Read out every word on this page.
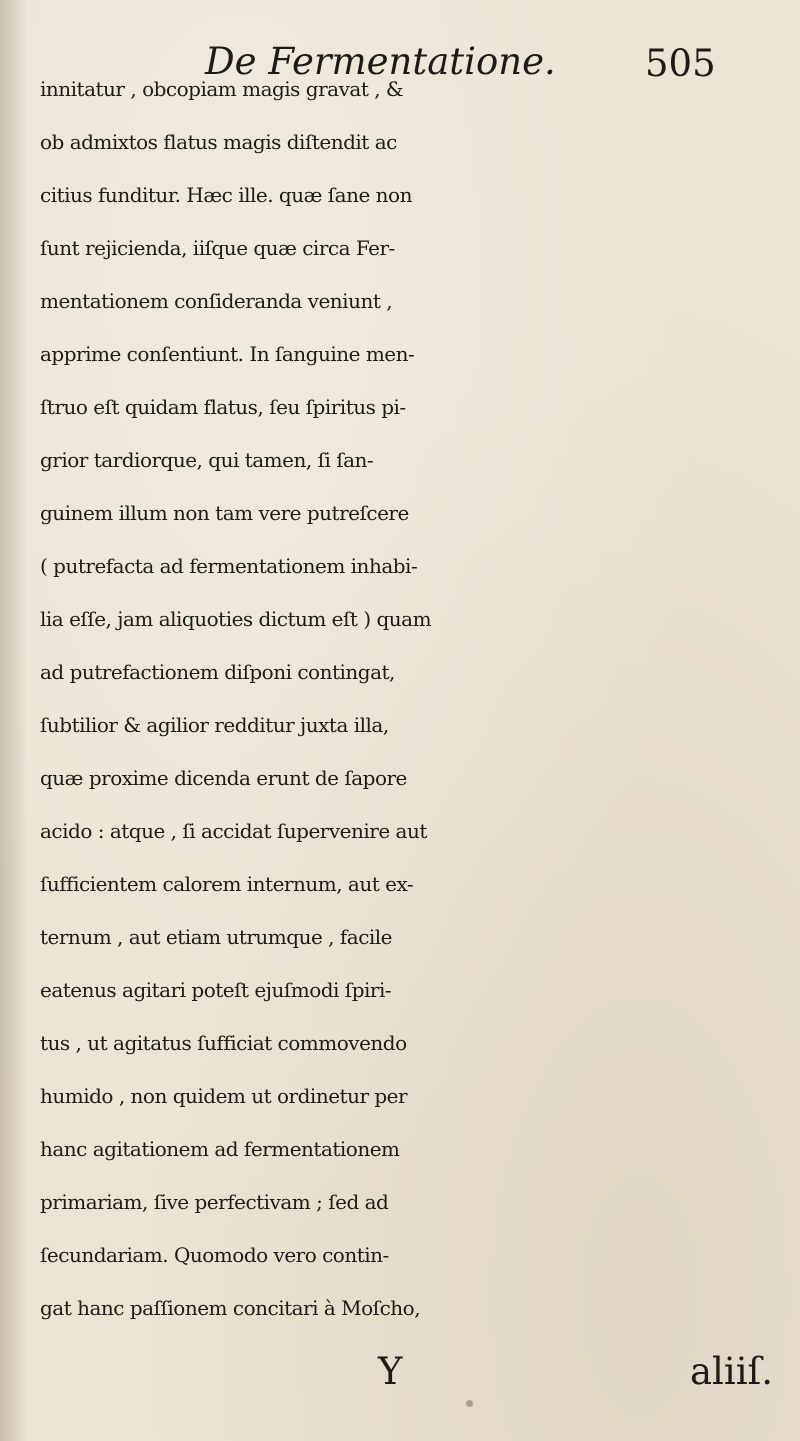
De Fermentatione. 505
innitatur , obcopiam magis gravat , &
ob admixtos flatus magis diſtendit ac
citius funditur. Hæc ille. quæ ſane non
ſunt rejicienda, iiſque quæ circa Fer-
mentationem conſideranda veniunt ,
apprime conſentiunt. In ſanguine men-
ſtruo eſt quidam flatus, ſeu ſpiritus pi-
grior tardiorque, qui tamen, ſi ſan-
guinem illum non tam vere putreſcere
( putrefacta ad fermentationem inhabi-
lia eſſe, jam aliquoties dictum eſt ) quam
ad putrefactionem diſponi contingat,
ſubtilior & agilior redditur juxta illa,
quæ proxime dicenda erunt de ſapore
acido : atque , ſi accidat ſupervenire aut
ſufficientem calorem internum, aut ex-
ternum , aut etiam utrumque , facile
eatenus agitari poteſt ejuſmodi ſpiri-
tus , ut agitatus ſufficiat commovendo
humido , non quidem ut ordinetur per
hanc agitationem ad fermentationem
primariam, ſive perfectivam ; ſed ad
ſecundariam. Quomodo vero contin-
gat hanc paſſionem concitari à Moſcho,
Y	aliiſ.
